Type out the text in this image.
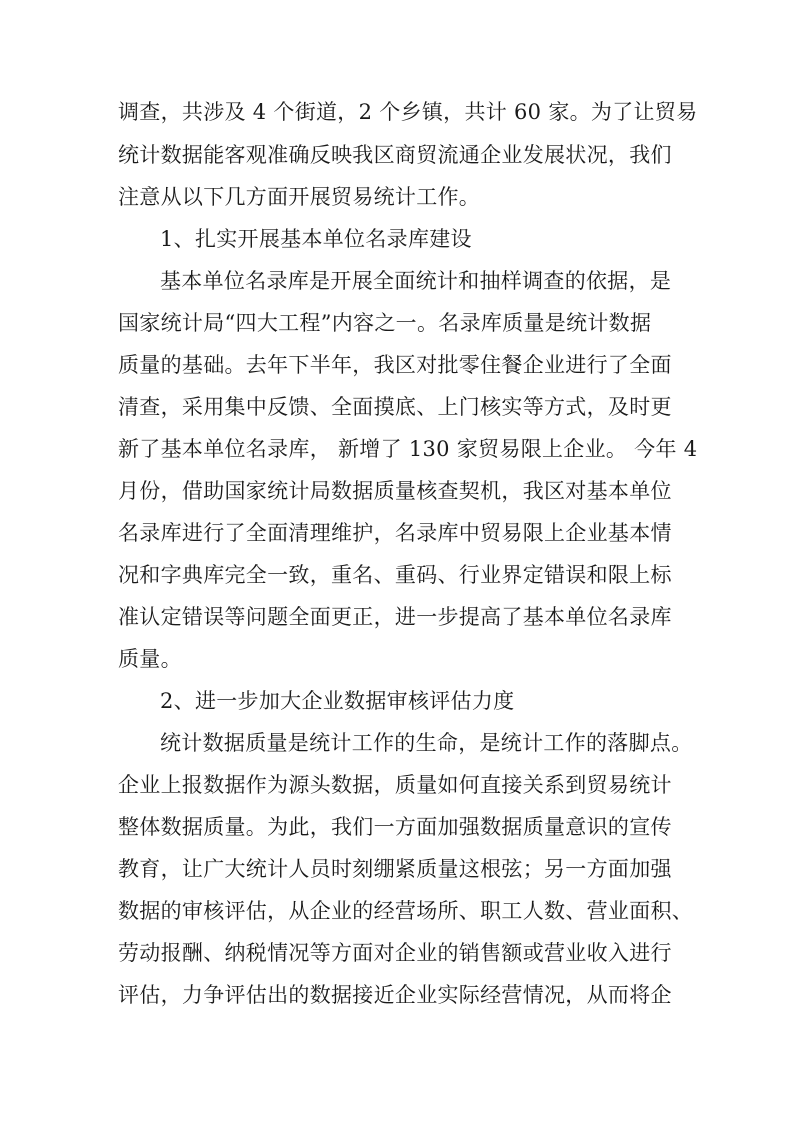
调查，共涉及 4 个街道，2 个乡镇，共计 60 家。为了让贸易
统计数据能客观准确反映我区商贸流通企业发展状况，我们
注意从以下几方面开展贸易统计工作。
1、扎实开展基本单位名录库建设
基本单位名录库是开展全面统计和抽样调查的依据，是
国家统计局“四大工程”内容之一。名录库质量是统计数据
质量的基础。去年下半年，我区对批零住餐企业进行了全面
清查，采用集中反馈、全面摸底、上门核实等方式，及时更
新了基本单位名录库， 新增了 130 家贸易限上企业。 今年 4
月份，借助国家统计局数据质量核查契机，我区对基本单位
名录库进行了全面清理维护，名录库中贸易限上企业基本情
况和字典库完全一致，重名、重码、行业界定错误和限上标
准认定错误等问题全面更正，进一步提高了基本单位名录库
质量。
2、进一步加大企业数据审核评估力度
统计数据质量是统计工作的生命，是统计工作的落脚点。
企业上报数据作为源头数据，质量如何直接关系到贸易统计
整体数据质量。为此，我们一方面加强数据质量意识的宣传
教育，让广大统计人员时刻绷紧质量这根弦；另一方面加强
数据的审核评估，从企业的经营场所、职工人数、营业面积、
劳动报酬、纳税情况等方面对企业的销售额或营业收入进行
评估，力争评估出的数据接近企业实际经营情况，从而将企
